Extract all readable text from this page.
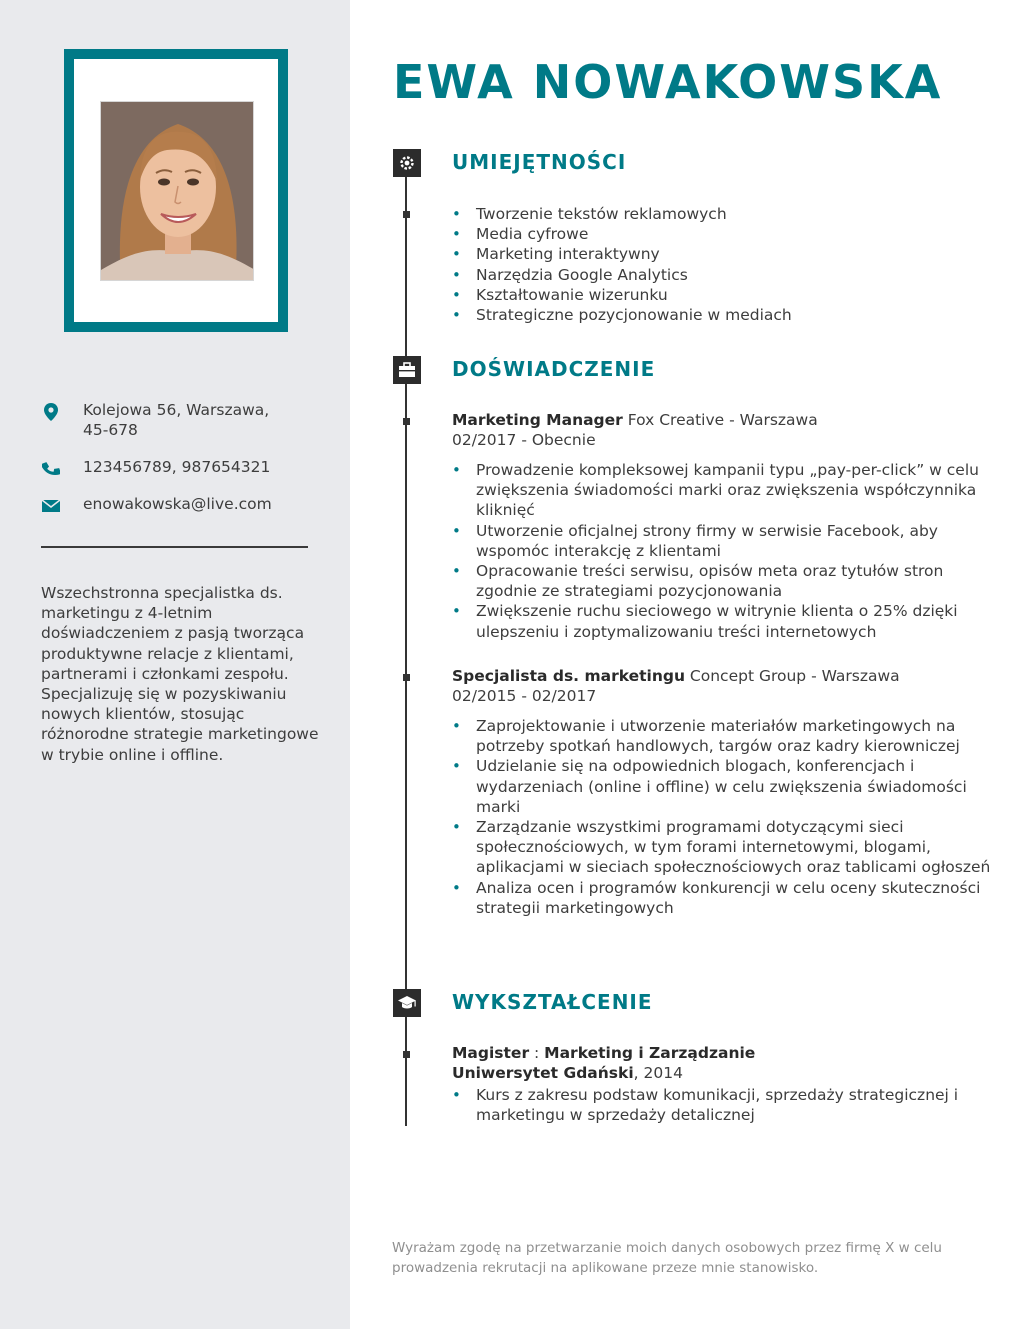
Kolejowa 56, Warszawa,
45-678
123456789, 987654321
enowakowska@live.com

Wszechstronna specjalistka ds. marketingu z 4-letnim doświadczeniem z pasją tworząca produktywne relacje z klientami, partnerami i członkami zespołu. Specjalizuję się w pozyskiwaniu nowych klientów, stosując różnorodne strategie marketingowe w trybie online i offline.

EWA NOWAKOWSKA
UMIEJĘTNOŚCI
• Tworzenie tekstów reklamowych
• Media cyfrowe
• Marketing interaktywny
• Narzędzia Google Analytics
• Kształtowanie wizerunku
• Strategiczne pozycjonowanie w mediach
DOŚWIADCZENIE
Marketing Manager Fox Creative - Warszawa
02/2017 - Obecnie
• Prowadzenie kompleksowej kampanii typu „pay-per-click” w celu zwiększenia świadomości marki oraz zwiększenia współczynnika kliknięć
• Utworzenie oficjalnej strony firmy w serwisie Facebook, aby wspomóc interakcję z klientami
• Opracowanie treści serwisu, opisów meta oraz tytułów stron zgodnie ze strategiami pozycjonowania
• Zwiększenie ruchu sieciowego w witrynie klienta o 25% dzięki ulepszeniu i zoptymalizowaniu treści internetowych
Specjalista ds. marketingu Concept Group - Warszawa
02/2015 - 02/2017
• Zaprojektowanie i utworzenie materiałów marketingowych na potrzeby spotkań handlowych, targów oraz kadry kierowniczej
• Udzielanie się na odpowiednich blogach, konferencjach i wydarzeniach (online i offline) w celu zwiększenia świadomości marki
• Zarządzanie wszystkimi programami dotyczącymi sieci społecznościowych, w tym forami internetowymi, blogami, aplikacjami w sieciach społecznościowych oraz tablicami ogłoszeń
• Analiza ocen i programów konkurencji w celu oceny skuteczności strategii marketingowych
WYKSZTAŁCENIE
Magister : Marketing i Zarządzanie
Uniwersytet Gdański, 2014
• Kurs z zakresu podstaw komunikacji, sprzedaży strategicznej i marketingu w sprzedaży detalicznej

Wyrażam zgodę na przetwarzanie moich danych osobowych przez firmę X w celu prowadzenia rekrutacji na aplikowane przeze mnie stanowisko.
